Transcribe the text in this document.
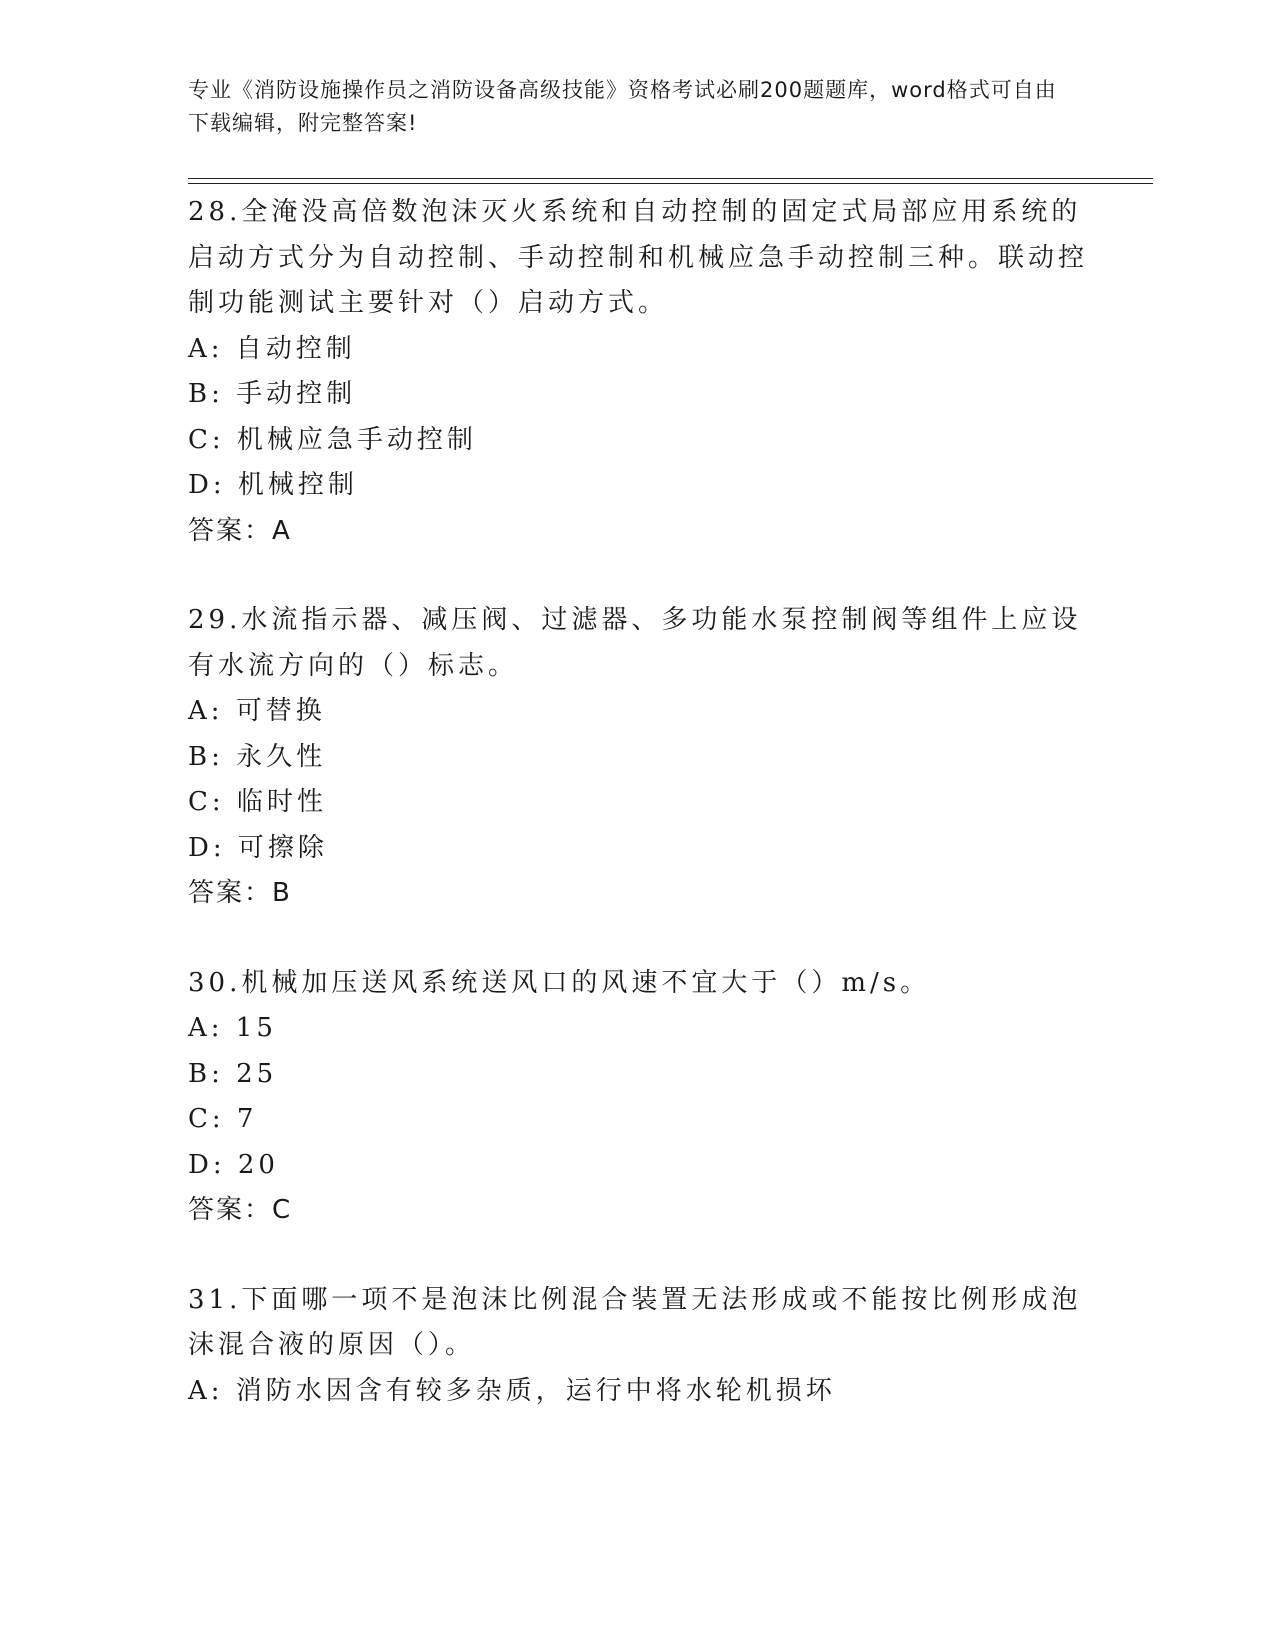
专业《消防设施操作员之消防设备高级技能》资格考试必刷200题题库，word格式可自由下载编辑，附完整答案!
28.全淹没高倍数泡沫灭火系统和自动控制的固定式局部应用系统的启动方式分为自动控制、手动控制和机械应急手动控制三种。联动控制功能测试主要针对（）启动方式。
A: 自动控制
B: 手动控制
C: 机械应急手动控制
D: 机械控制
答案：A
29.水流指示器、减压阀、过滤器、多功能水泵控制阀等组件上应设有水流方向的（）标志。
A: 可替换
B: 永久性
C: 临时性
D: 可擦除
答案：B
30.机械加压送风系统送风口的风速不宜大于（）m/s。
A: 15
B: 25
C: 7
D: 20
答案：C
31.下面哪一项不是泡沫比例混合装置无法形成或不能按比例形成泡沫混合液的原因（）。
A: 消防水因含有较多杂质，运行中将水轮机损坏
